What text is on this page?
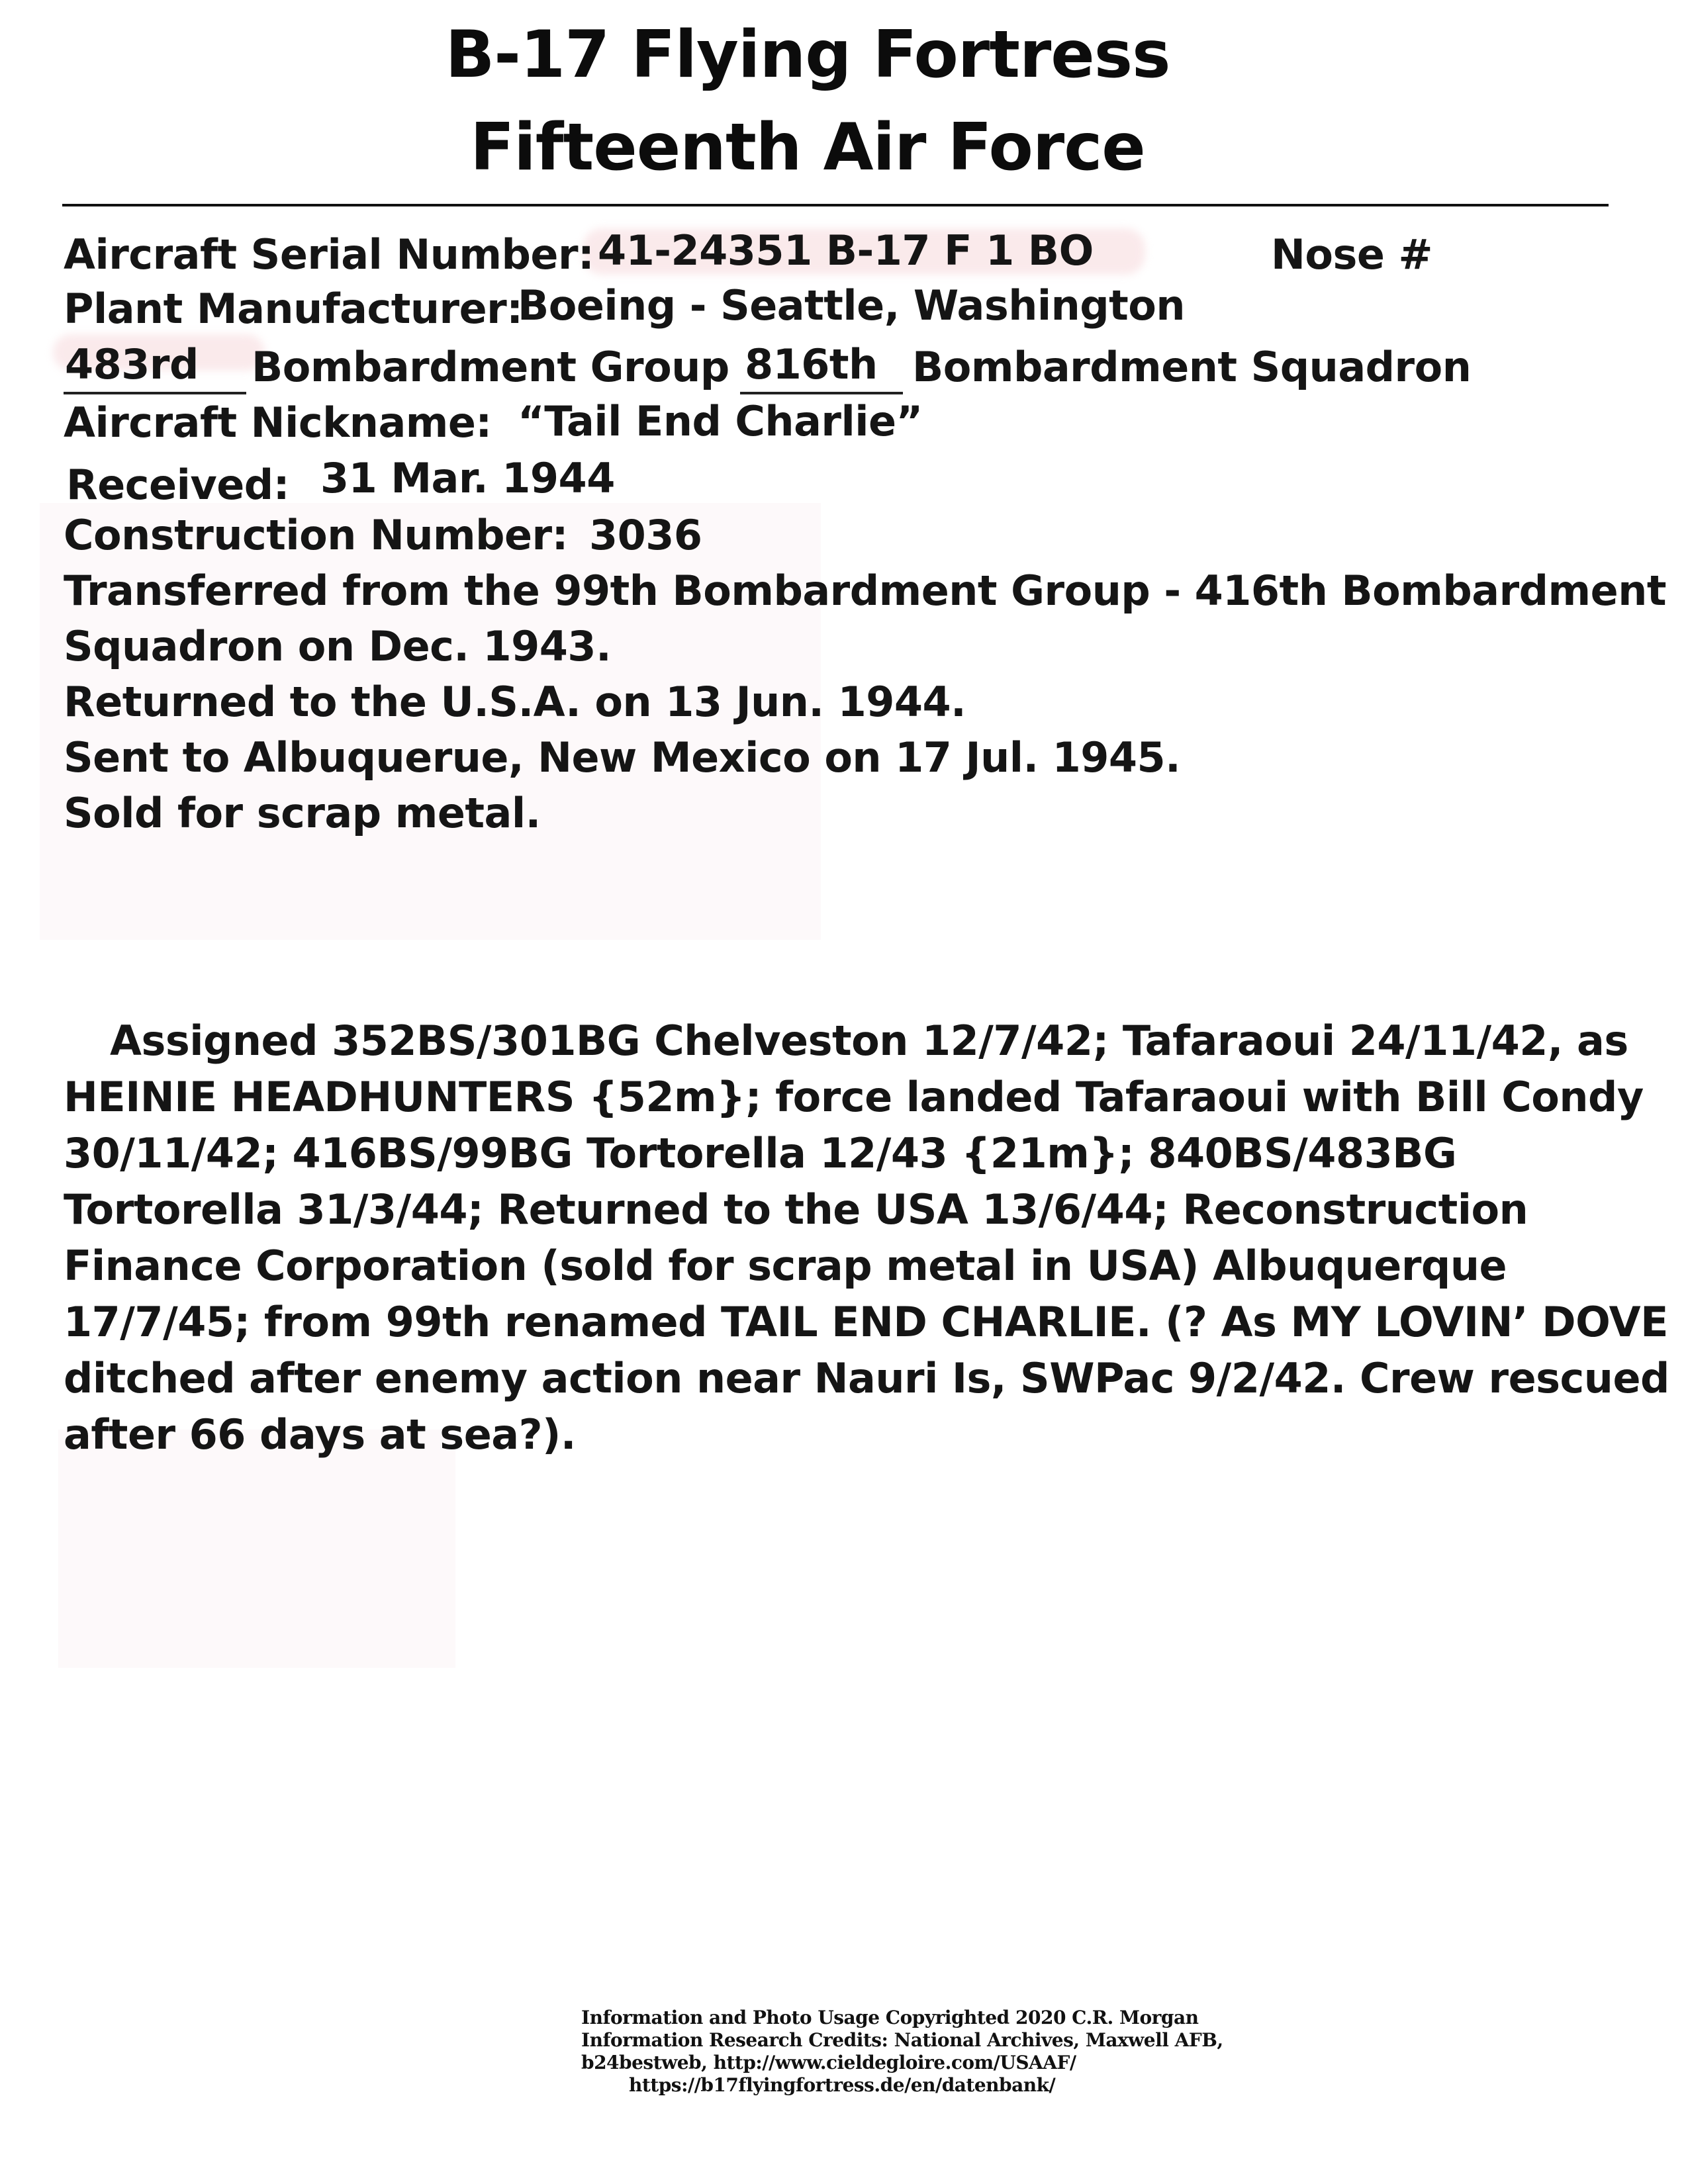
B-17 Flying Fortress
Fifteenth Air Force
Aircraft Serial Number: 41-24351 B-17 F 1 BO	Nose #
Plant Manufacturer:
Boeing - Seattle, Washington
483rd Bombardment Group 816th Bombardment Squadron
Aircraft Nickname: “Tail End Charlie”
Received: 31 Mar. 1944
Construction Number: 3036
Transferred from the 99th Bombardment Group - 416th Bombardment
Squadron on Dec. 1943.
Returned to the U.S.A. on 13 Jun. 1944.
Sent to Albuquerue, New Mexico on 17 Jul. 1945.
Sold for scrap metal.
Assigned 352BS/301BG Chelveston 12/7/42; Tafaraoui 24/11/42, as HEINIE HEADHUNTERS {52m}; force landed Tafaraoui with Bill Condy 30/11/42; 416BS/99BG Tortorella 12/43 {21m}; 840BS/483BG Tortorella 31/3/44; Returned to the USA 13/6/44; Reconstruction Finance Corporation (sold for scrap metal in USA) Albuquerque 17/7/45; from 99th renamed TAIL END CHARLIE. (? As MY LOVIN’ DOVE ditched after enemy action near Nauri Is, SWPac 9/2/42. Crew rescued after 66 days at sea?).
Information and Photo Usage Copyrighted 2020 C.R. Morgan
Information Research Credits: National Archives, Maxwell AFB,
b24bestweb, http://www.cieldegloire.com/USAAF/
https://b17flyingfortress.de/en/datenbank/
